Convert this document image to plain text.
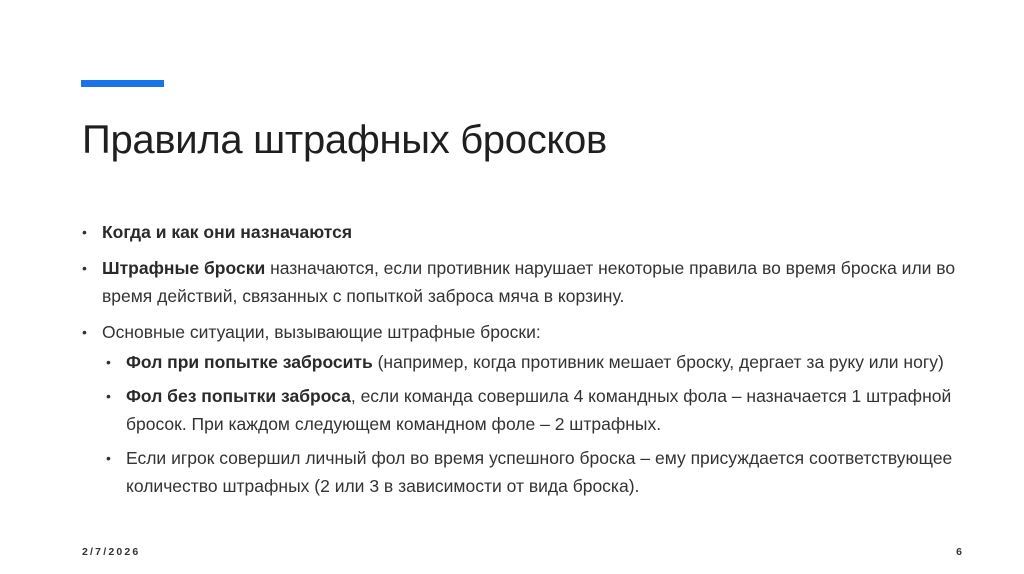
Правила штрафных бросков
• Когда и как они назначаются
• Штрафные броски назначаются, если противник нарушает некоторые правила во время броска или во время действий, связанных с попыткой заброса мяча в корзину.
• Основные ситуации, вызывающие штрафные броски:
• Фол при попытке забросить (например, когда противник мешает броску, дергает за руку или ногу)
• Фол без попытки заброса, если команда совершила 4 командных фола – назначается 1 штрафной бросок. При каждом следующем командном фоле – 2 штрафных.
• Если игрок совершил личный фол во время успешного броска – ему присуждается соответствующее количество штрафных (2 или 3 в зависимости от вида броска).
2/7/2026	6
